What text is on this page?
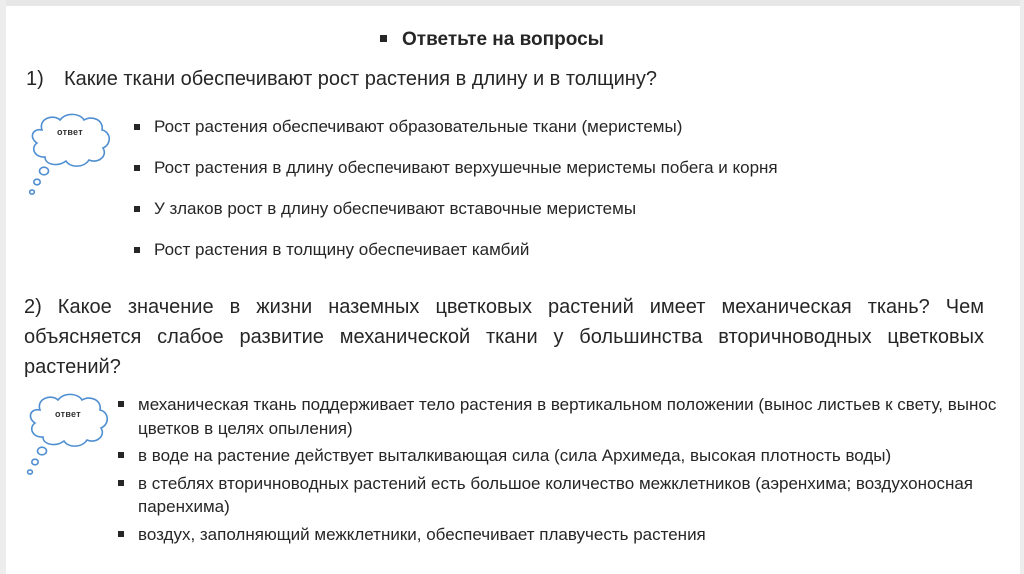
Ответьте на вопросы
1) Какие ткани обеспечивают рост растения в длину и в толщину?
ответ	Рост растения обеспечивают образовательные ткани (меристемы)
Рост растения в длину обеспечивают верхушечные меристемы побега и корня
У злаков рост в длину обеспечивают вставочные меристемы
Рост растения в толщину обеспечивает камбий
2) Какое значение в жизни наземных цветковых растений имеет механическая ткань? Чем объясняется слабое развитие механической ткани у большинства вторичноводных цветковых растений?
ответ	механическая ткань поддерживает тело растения в вертикальном положении (вынос листьев к свету, вынос цветков в целях опыления)
в воде на растение действует выталкивающая сила (сила Архимеда, высокая плотность воды)
в стеблях вторичноводных растений есть большое количество межклетников (аэренхима; воздухоносная паренхима)
воздух, заполняющий межклетники, обеспечивает плавучесть растения
